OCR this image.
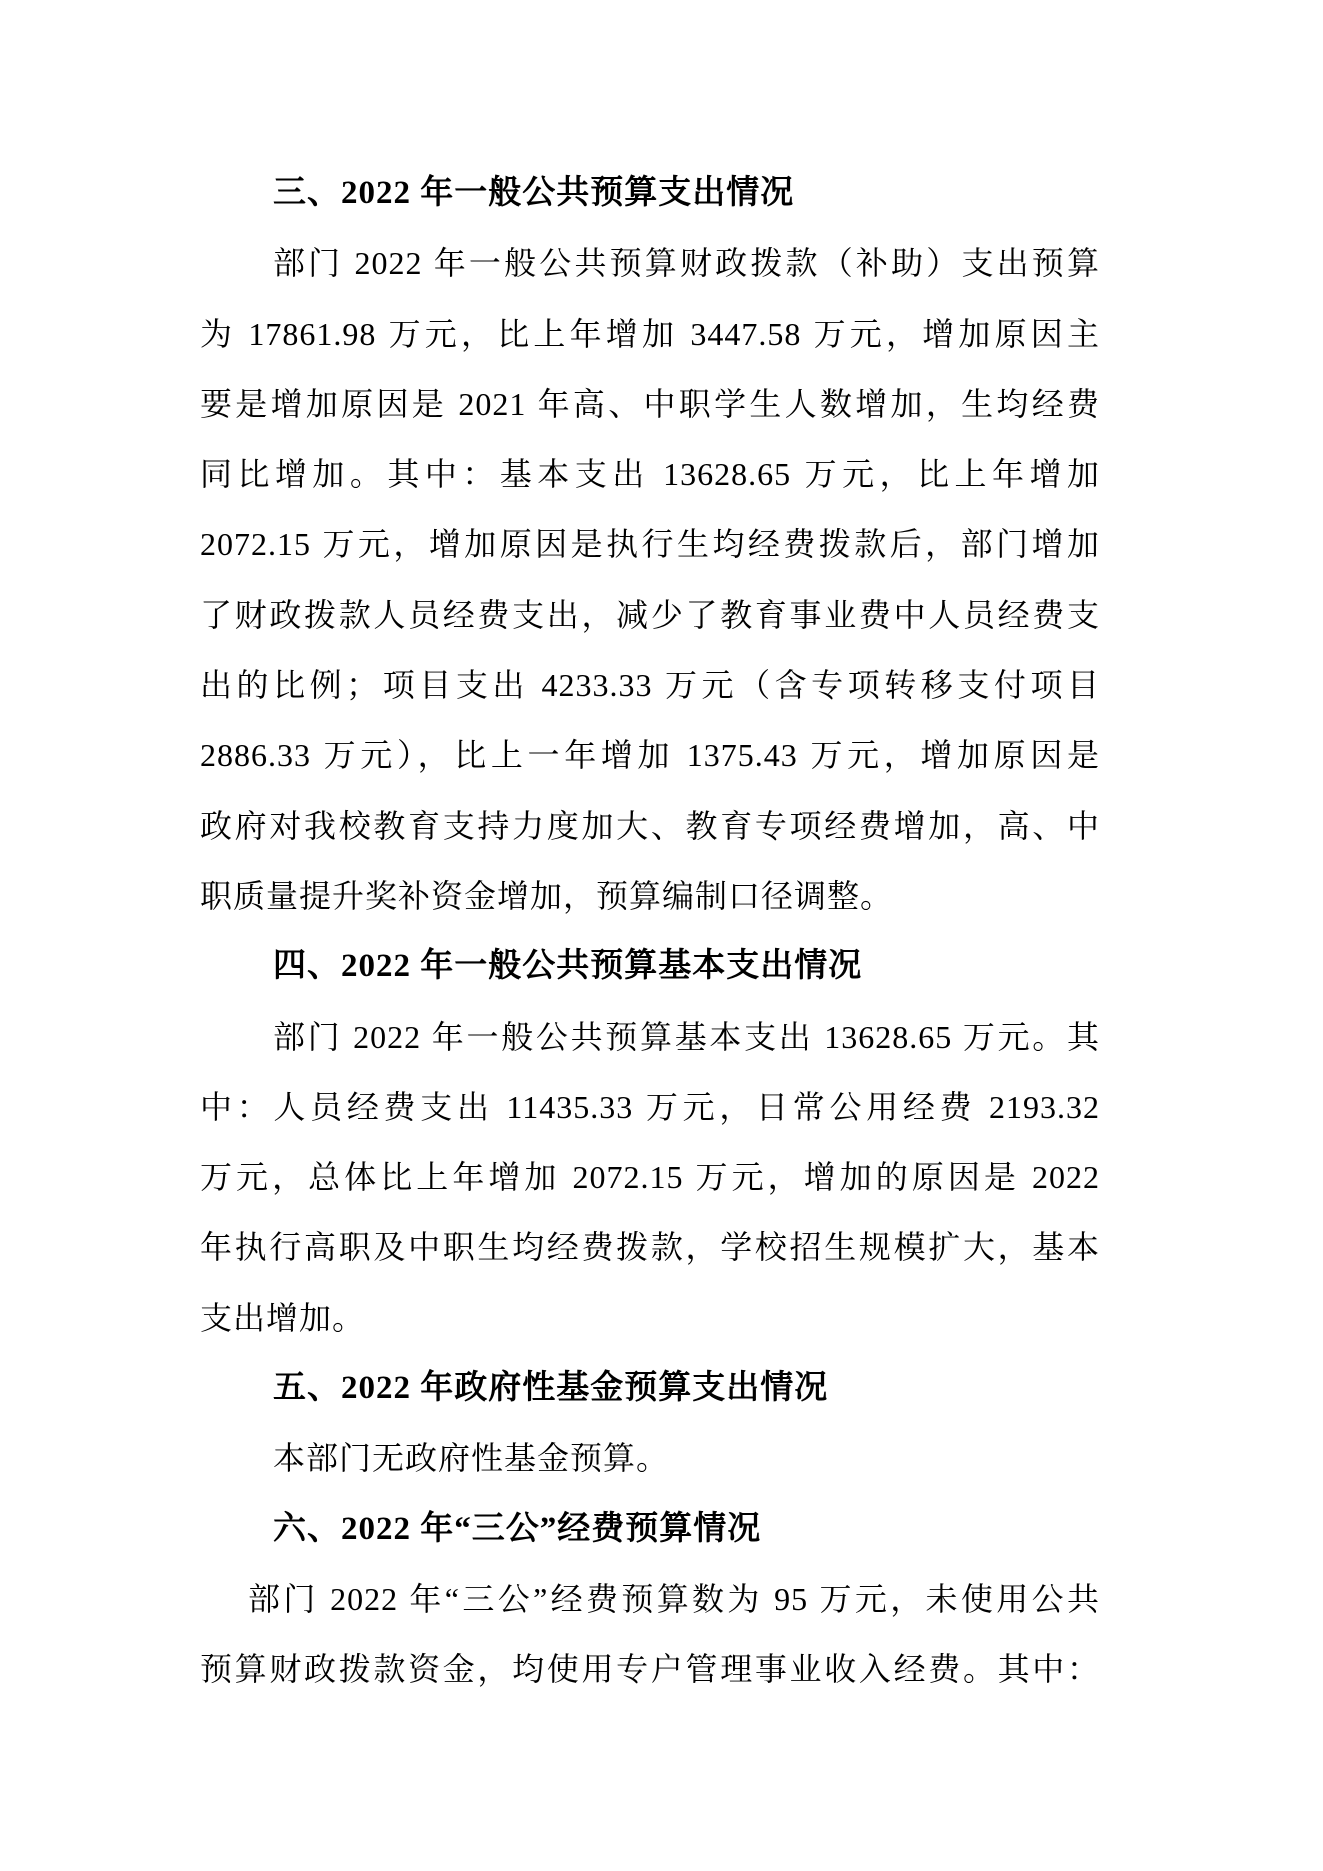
三、2022 年一般公共预算支出情况
部门 2022 年一般公共预算财政拨款（补助）支出预算
为 17861.98 万元，比上年增加 3447.58 万元，增加原因主
要是增加原因是 2021 年高、中职学生人数增加，生均经费
同比增加。其中：基本支出 13628.65 万元，比上年增加
2072.15 万元，增加原因是执行生均经费拨款后，部门增加
了财政拨款人员经费支出，减少了教育事业费中人员经费支
出的比例；项目支出 4233.33 万元（含专项转移支付项目
2886.33 万元），比上一年增加 1375.43 万元，增加原因是
政府对我校教育支持力度加大、教育专项经费增加，高、中
职质量提升奖补资金增加，预算编制口径调整。
四、2022 年一般公共预算基本支出情况
部门 2022 年一般公共预算基本支出 13628.65 万元。其
中：人员经费支出 11435.33 万元，日常公用经费 2193.32
万元，总体比上年增加 2072.15 万元，增加的原因是 2022
年执行高职及中职生均经费拨款，学校招生规模扩大，基本
支出增加。
五、2022 年政府性基金预算支出情况
本部门无政府性基金预算。
六、2022 年“三公”经费预算情况
部门 2022 年“三公”经费预算数为 95 万元，未使用公共
预算财政拨款资金，均使用专户管理事业收入经费。其中：
